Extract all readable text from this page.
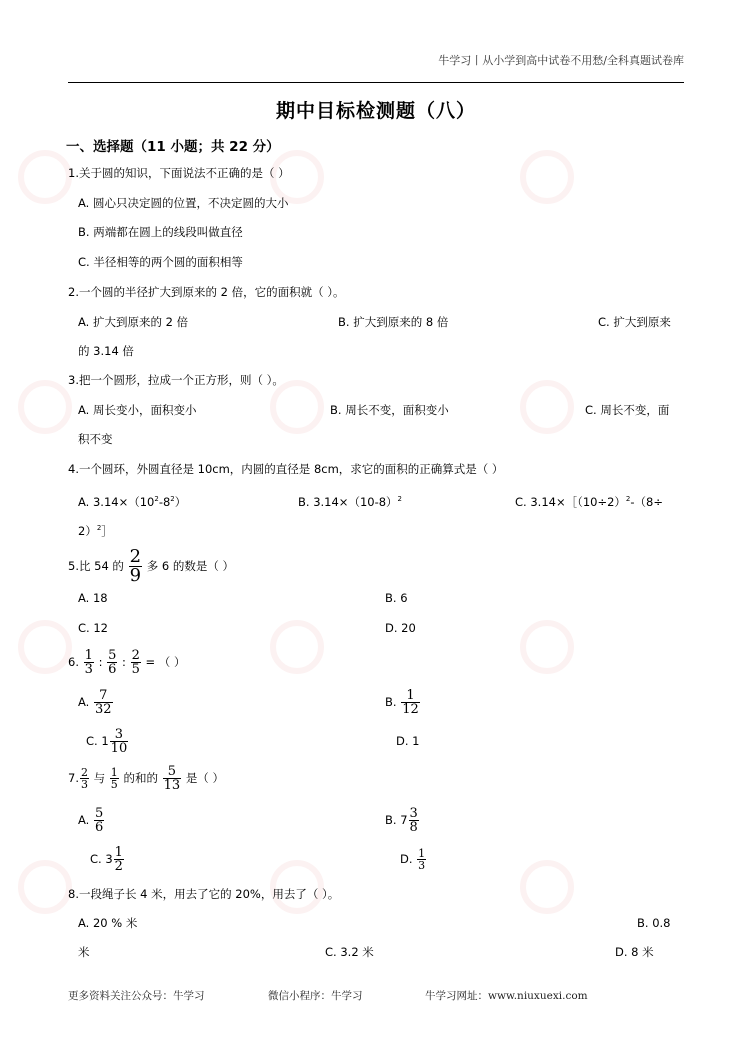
牛学习丨从小学到高中试卷不用愁/全科真题试卷库
期中目标检测题（八）
一、选择题（11 小题；共 22 分）
1.关于圆的知识，下面说法不正确的是（ ）
A. 圆心只决定圆的位置，不决定圆的大小
B. 两端都在圆上的线段叫做直径
C. 半径相等的两个圆的面积相等
2.一个圆的半径扩大到原来的 2 倍，它的面积就（ ）。
A. 扩大到原来的 2 倍	B. 扩大到原来的 8 倍	C. 扩大到原来
的 3.14 倍
3.把一个圆形，拉成一个正方形，则（ ）。
A. 周长变小，面积变小	B. 周长不变，面积变小	C. 周长不变，面
积不变
4.一个圆环，外圆直径是 10cm，内圆的直径是 8cm，求它的面积的正确算式是（ ）
A. $3.14\times(10^2-8^2)$	B. $3.14\times(10-8)^2$	C. $3.14\times[(10\div 2)^2-(8\div$
2）$^2$］
5.比 54 的 $\frac{2}{9}$ 多 6 的数是（ ）
A. 18	B. 6
C. 12	D. 20
6. $\frac{1}{3}$ : $\frac{5}{6}$ : $\frac{2}{5}$ = （ ）
A. $\frac{7}{32}$	B. $\frac{1}{12}$
C. $1 \frac{3}{10}$	D. 1
7. $\frac{2}{3}$ 与 $\frac{1}{5}$ 的和的 $\frac{5}{13}$ 是（ ）
A. $\frac{5}{6}$	B. $7 \frac{3}{8}$
C. $3 \frac{1}{2}$	D. $\frac{1}{3}$
8.一段绳子长 4 米，用去了它的 20%，用去了（ ）。
A. 20 % 米	B. 0.8
米	C. 3.2 米	D. 8 米
更多资料关注公众号：牛学习	微信小程序：牛学习	牛学习网址：www.niuxuexi.com
